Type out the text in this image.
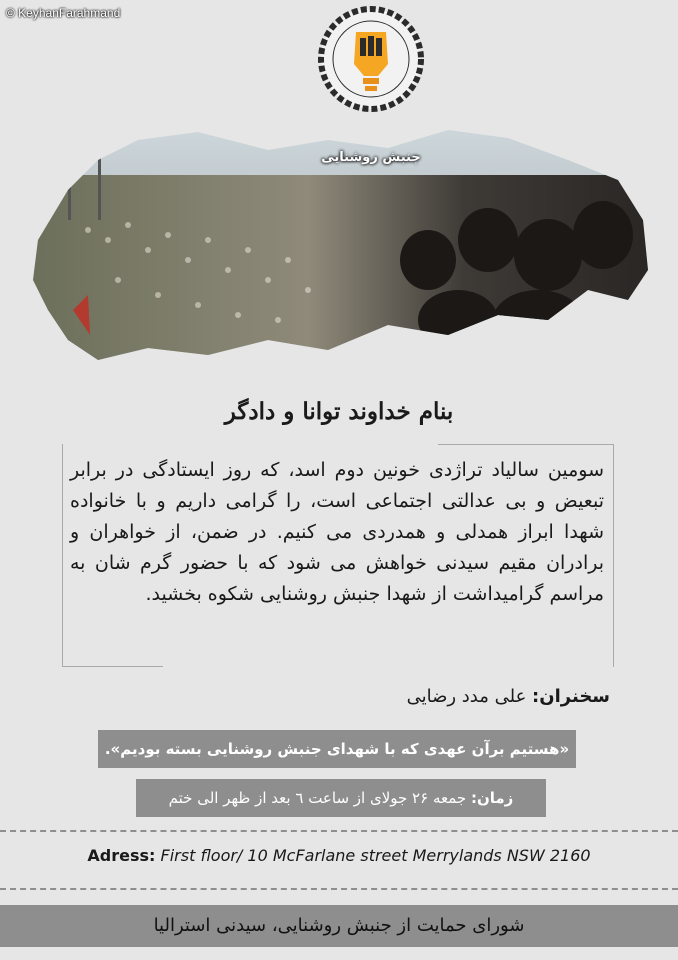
© KeyhanFarahmand
جنبش روشنایی
بنام خداوند توانا و دادگر
سومین سالیاد تراژدی خونین دوم اسد، که روز ایستادگی در برابر تبعیض و بی عدالتی اجتماعی است، را گرامی داریم و با خانواده شهدا ابراز همدلی و همدردی می کنیم. در ضمن، از خواهران و برادران مقیم سیدنی خواهش می شود که با حضور گرم شان به مراسم گرامیداشت از شهدا جنبش روشنایی شکوه بخشید.
سخنران: علی مدد رضایی
«هستیم برآن عهدی که با شهدای جنبش روشنایی بسته بودیم».
زمان: جمعه ۲۶ جولای از ساعت ٦ بعد از ظهر الی ختم
Adress: First floor/ 10 McFarlane street Merrylands NSW 2160
شورای حمایت از جنبش روشنایی، سیدنی استرالیا
